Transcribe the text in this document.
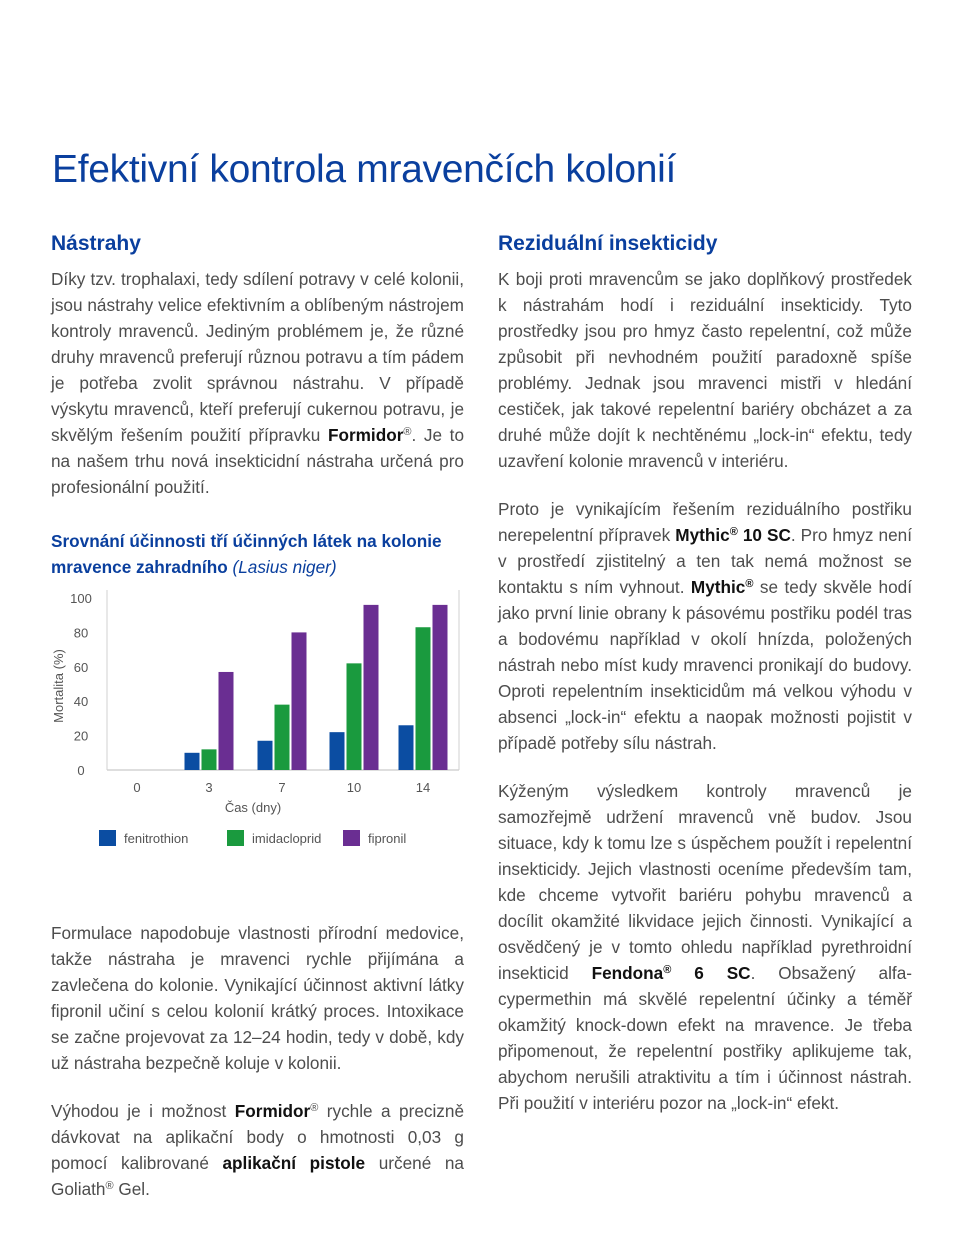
Efektivní kontrola mravenčích kolonií
Nástrahy

Díky tzv. trophalaxi, tedy sdílení potravy v celé kolonii, jsou nástrahy velice efektivním a oblíbeným nástrojem kontroly mravenců. Jediným problémem je, že různé druhy mravenců preferují různou potravu a tím pádem je potřeba zvolit správnou nástrahu. V případě výskytu mravenců, kteří preferují cukernou potravu, je skvělým řešením použití přípravku Formidor®. Je to na našem trhu nová insekticidní nástraha určená pro profesionální použití.

Srovnání účinnosti tří účinných látek na kolonie mravence zahradního (Lasius niger)
0
20
40
60
80
100
Mortalita (%)
0	3	7	10	14
Čas (dny)
fenitrothion	imidacloprid	fipronil

Formulace napodobuje vlastnosti přírodní medovice, takže nástraha je mravenci rychle přijímána a zavlečena do kolonie. Vynikající účinnost aktivní látky fipronil učiní s celou kolonií krátký proces. Intoxikace se začne projevovat za 12–24 hodin, tedy v době, kdy už nástraha bezpečně koluje v kolonii.

Výhodou je i možnost Formidor® rychle a precizně dávkovat na aplikační body o hmotnosti 0,03 g pomocí kalibrované aplikační pistole určené na Goliath® Gel.

Reziduální insekticidy

K boji proti mravencům se jako doplňkový prostředek k nástrahám hodí i reziduální insekticidy. Tyto prostředky jsou pro hmyz často repelentní, což může způsobit při nevhodném použití paradoxně spíše problémy. Jednak jsou mravenci mistři v hledání cestiček, jak takové repelentní bariéry obcházet a za druhé může dojít k nechtěnému „lock-in“ efektu, tedy uzavření kolonie mravenců v interiéru.

Proto je vynikajícím řešením reziduálního postřiku nerepelentní přípravek Mythic® 10 SC. Pro hmyz není v prostředí zjistitelný a ten tak nemá možnost se kontaktu s ním vyhnout. Mythic® se tedy skvěle hodí jako první linie obrany k pásovému postřiku podél tras a bodovému například v okolí hnízda, položených nástrah nebo míst kudy mravenci pronikají do budovy. Oproti repelentním insekticidům má velkou výhodu v absenci „lock-in“ efektu a naopak možnosti pojistit v případě potřeby sílu nástrah.

Kýženým výsledkem kontroly mravenců je samozřejmě udržení mravenců vně budov. Jsou situace, kdy k tomu lze s úspěchem použít i repelentní insekticidy. Jejich vlastnosti oceníme především tam, kde chceme vytvořit bariéru pohybu mravenců a docílit okamžité likvidace jejich činnosti. Vynikající a osvědčený je v tomto ohledu například pyrethroidní insekticid Fendona® 6 SC. Obsažený alfa-cypermethin má skvělé repelentní účinky a téměř okamžitý knock-down efekt na mravence. Je třeba připomenout, že repelentní postřiky aplikujeme tak, abychom nerušili atraktivitu a tím i účinnost nástrah. Při použití v interiéru pozor na „lock-in“ efekt.
